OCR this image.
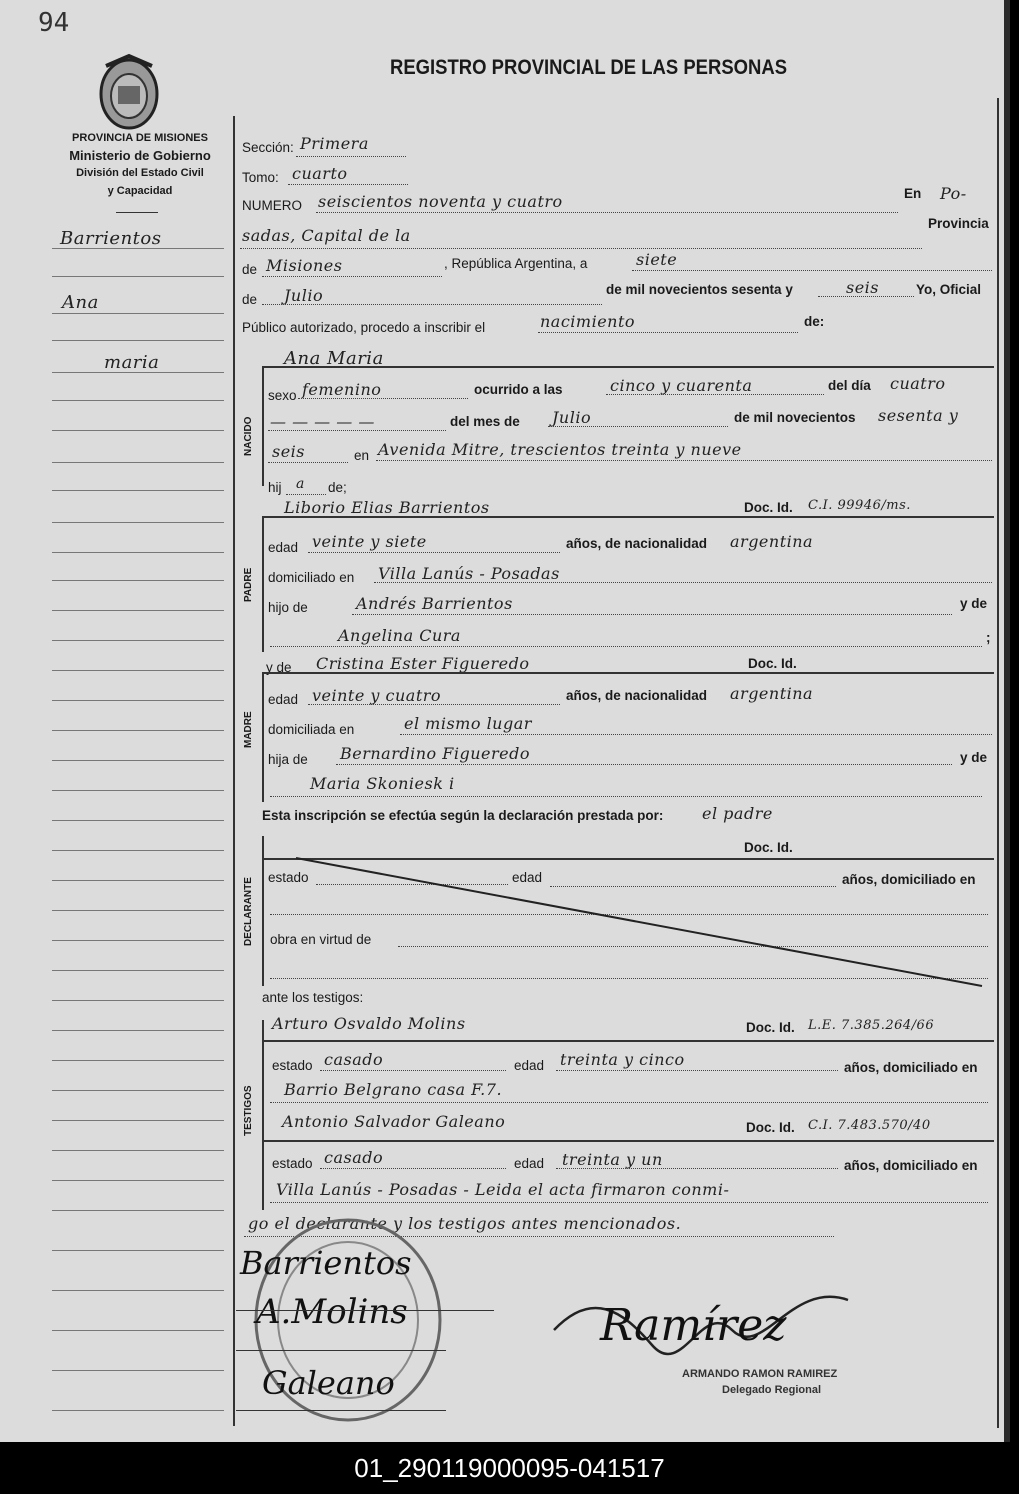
94
REGISTRO PROVINCIAL DE LAS PERSONAS
PROVINCIA DE MISIONES
Ministerio de Gobierno
División del Estado Civil
y Capacidad
Barrientos
Ana
maria
Sección: Primera
Tomo: cuarto
NUMERO seiscientos noventa y cuatro	En Po-
sadas, Capital de la
Provincia
de Misiones	, República Argentina, a	siete
de Julio	de mil novecientos sesenta y	seis	Yo, Oficial
Público autorizado, procedo a inscribir el	nacimiento	de:
NACIDO
Ana Maria
sexo femenino	ocurrido a las	cinco y cuarenta	del día cuatro
— — — — —	del mes de Julio	de mil novecientos sesenta y
seis	en Avenida Mitre, trescientos treinta y nueve
hij a de;
PADRE
Liborio Elias Barrientos	Doc. Id. C.I. 99946/ms.
edad veinte y siete	años, de nacionalidad argentina
domiciliado en Villa Lanús - Posadas
hijo de	Andrés Barrientos	y de
Angelina Cura	;
MADRE
y de Cristina Ester Figueredo	Doc. Id.
edad veinte y cuatro	años, de nacionalidad argentina
domiciliada en	el mismo lugar
hija de Bernardino Figueredo	y de
Maria Skoniesk i
Esta inscripción se efectúa según la declaración prestada por: el padre
DECLARANTE
Doc. Id.
estado	edad	años, domiciliado en
obra en virtud de
ante los testigos:
TESTIGOS
Arturo Osvaldo Molins	Doc. Id. L.E. 7.385.264/66
estado casado	edad treinta y cinco	años, domiciliado en
Barrio Belgrano casa F.7.
Antonio Salvador Galeano	Doc. Id. C.I. 7.483.570/40
estado casado	edad treinta y un	años, domiciliado en
Villa Lanús - Posadas - Leida el acta firmaron conmi-
go el declarante y los testigos antes mencionados.
Barrientos
A.Molins
Galeano
Ramírez
ARMANDO RAMON RAMIREZ
Delegado Regional
01_290119000095-041517
